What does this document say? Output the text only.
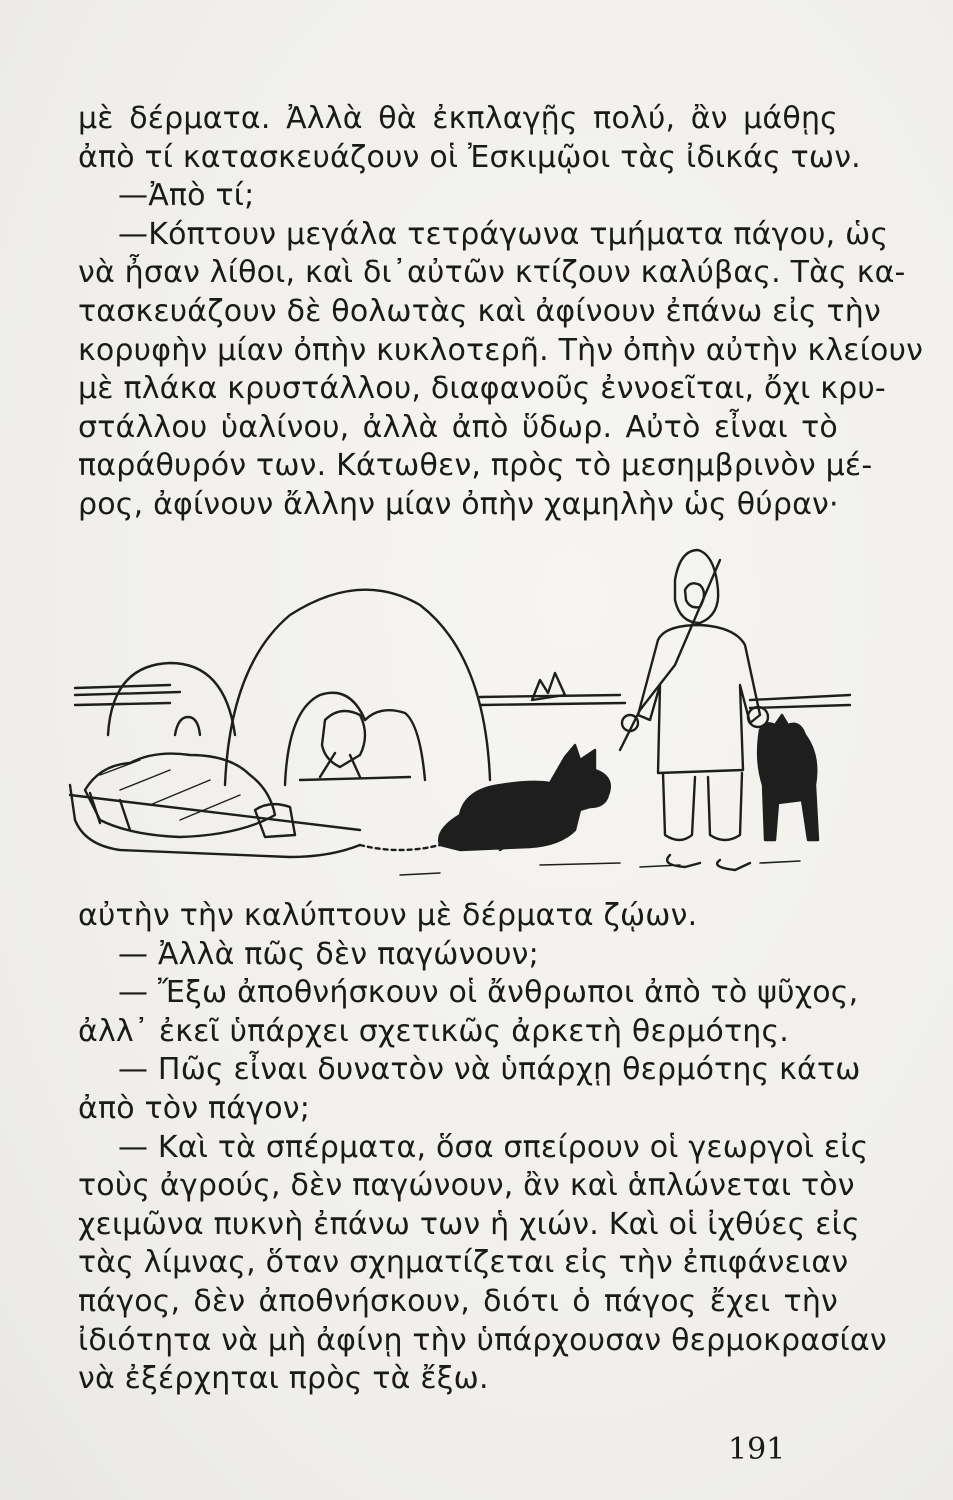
μὲ δέρματα. Ἀλλὰ θὰ ἐκπλαγῇς πολύ, ἂν μάθῃς
ἀπὸ τί κατασκευάζουν οἱ Ἐσκιμῷοι τὰς ἰδικάς των.
—Ἀπὸ τί;
—Κόπτουν μεγάλα τετράγωνα τμήματα πάγου, ὡς
νὰ ἦσαν λίθοι, καὶ δι᾽αὐτῶν κτίζουν καλύβας. Τὰς κα-
τασκευάζουν δὲ θολωτὰς καὶ ἀφίνουν ἐπάνω εἰς τὴν
κορυφὴν μίαν ὀπὴν κυκλοτερῆ. Τὴν ὀπὴν αὐτὴν κλείουν
μὲ πλάκα κρυστάλλου, διαφανοῦς ἐννοεῖται, ὄχι κρυ-
στάλλου ὑαλίνου, ἀλλὰ ἀπὸ ὕδωρ. Αὐτὸ εἶναι τὸ
παράθυρόν των. Κάτωθεν, πρὸς τὸ μεσημβρινὸν μέ-
ρος, ἀφίνουν ἄλλην μίαν ὀπὴν χαμηλὴν ὡς θύραν·
αὐτὴν τὴν καλύπτουν μὲ δέρματα ζῴων.
— Ἀλλὰ πῶς δὲν παγώνουν;
— Ἔξω ἀποθνήσκουν οἱ ἄνθρωποι ἀπὸ τὸ ψῦχος,
ἀλλ᾽ ἐκεῖ ὑπάρχει σχετικῶς ἀρκετὴ θερμότης.
— Πῶς εἶναι δυνατὸν νὰ ὑπάρχῃ θερμότης κάτω
ἀπὸ τὸν πάγον;
— Καὶ τὰ σπέρματα, ὅσα σπείρουν οἱ γεωργοὶ εἰς
τοὺς ἀγρούς, δὲν παγώνουν, ἂν καὶ ἁπλώνεται τὸν
χειμῶνα πυκνὴ ἐπάνω των ἡ χιών. Καὶ οἱ ἰχθύες εἰς
τὰς λίμνας, ὅταν σχηματίζεται εἰς τὴν ἐπιφάνειαν
πάγος, δὲν ἀποθνήσκουν, διότι ὁ πάγος ἔχει τὴν
ἰδιότητα νὰ μὴ ἀφίνῃ τὴν ὑπάρχουσαν θερμοκρασίαν
νὰ ἐξέρχηται πρὸς τὰ ἔξω.
191
